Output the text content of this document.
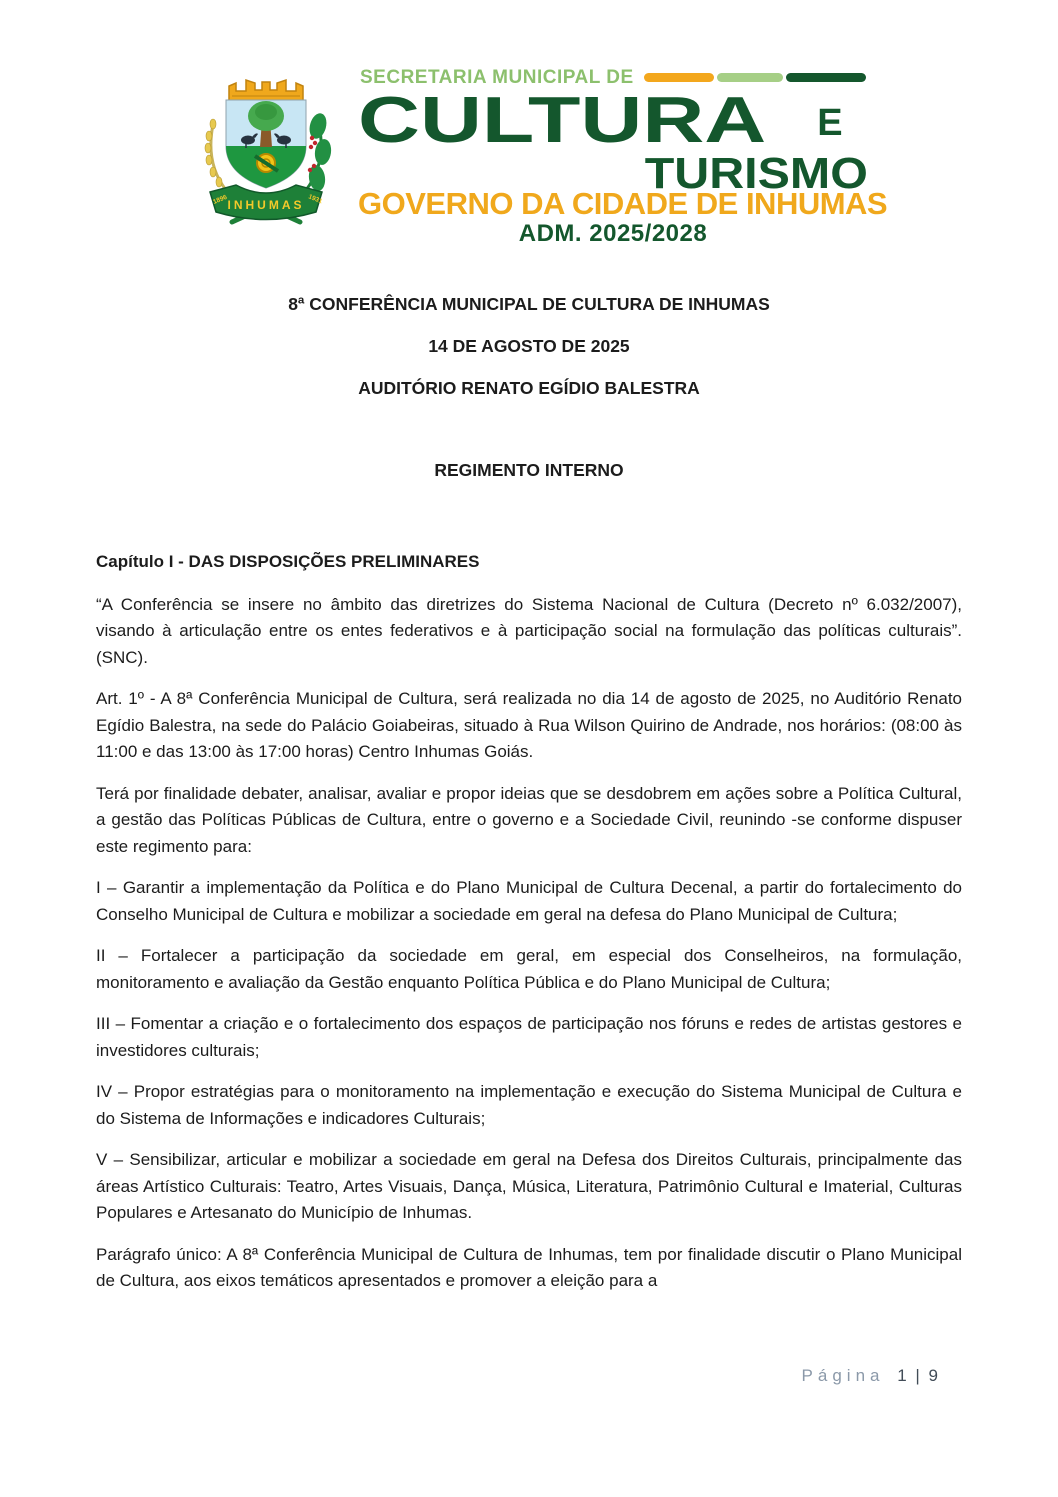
INHUMAS
1896	1931
SECRETARIA MUNICIPAL DE
CULTURA E
TURISMO
GOVERNO DA CIDADE DE INHUMAS
ADM. 2025/2028

8ª CONFERÊNCIA MUNICIPAL DE CULTURA DE INHUMAS

14 DE AGOSTO DE 2025

AUDITÓRIO RENATO EGÍDIO BALESTRA

REGIMENTO INTERNO

Capítulo I - DAS DISPOSIÇÕES PRELIMINARES

“A Conferência se insere no âmbito das diretrizes do Sistema Nacional de Cultura (Decreto nº 6.032/2007), visando à articulação entre os entes federativos e à participação social na formulação das políticas culturais”. (SNC).

Art. 1º - A 8ª Conferência Municipal de Cultura, será realizada no dia 14 de agosto de 2025, no Auditório Renato Egídio Balestra, na sede do Palácio Goiabeiras, situado à Rua Wilson Quirino de Andrade, nos horários: (08:00 às 11:00 e das 13:00 às 17:00 horas) Centro Inhumas Goiás.

Terá por finalidade debater, analisar, avaliar e propor ideias que se desdobrem em ações sobre a Política Cultural, a gestão das Políticas Públicas de Cultura, entre o governo e a Sociedade Civil, reunindo -se conforme dispuser este regimento para:

I – Garantir a implementação da Política e do Plano Municipal de Cultura Decenal, a partir do fortalecimento do Conselho Municipal de Cultura e mobilizar a sociedade em geral na defesa do Plano Municipal de Cultura;

II – Fortalecer a participação da sociedade em geral, em especial dos Conselheiros, na formulação, monitoramento e avaliação da Gestão enquanto Política Pública e do Plano Municipal de Cultura;

III – Fomentar a criação e o fortalecimento dos espaços de participação nos fóruns e redes de artistas gestores e investidores culturais;

IV – Propor estratégias para o monitoramento na implementação e execução do Sistema Municipal de Cultura e do Sistema de Informações e indicadores Culturais;

V – Sensibilizar, articular e mobilizar a sociedade em geral na Defesa dos Direitos Culturais, principalmente das áreas Artístico Culturais: Teatro, Artes Visuais, Dança, Música, Literatura, Patrimônio Cultural e Imaterial, Culturas Populares e Artesanato do Município de Inhumas.

Parágrafo único: A 8ª Conferência Municipal de Cultura de Inhumas, tem por finalidade discutir o Plano Municipal de Cultura, aos eixos temáticos apresentados e promover a eleição para a

Página 1 | 9
